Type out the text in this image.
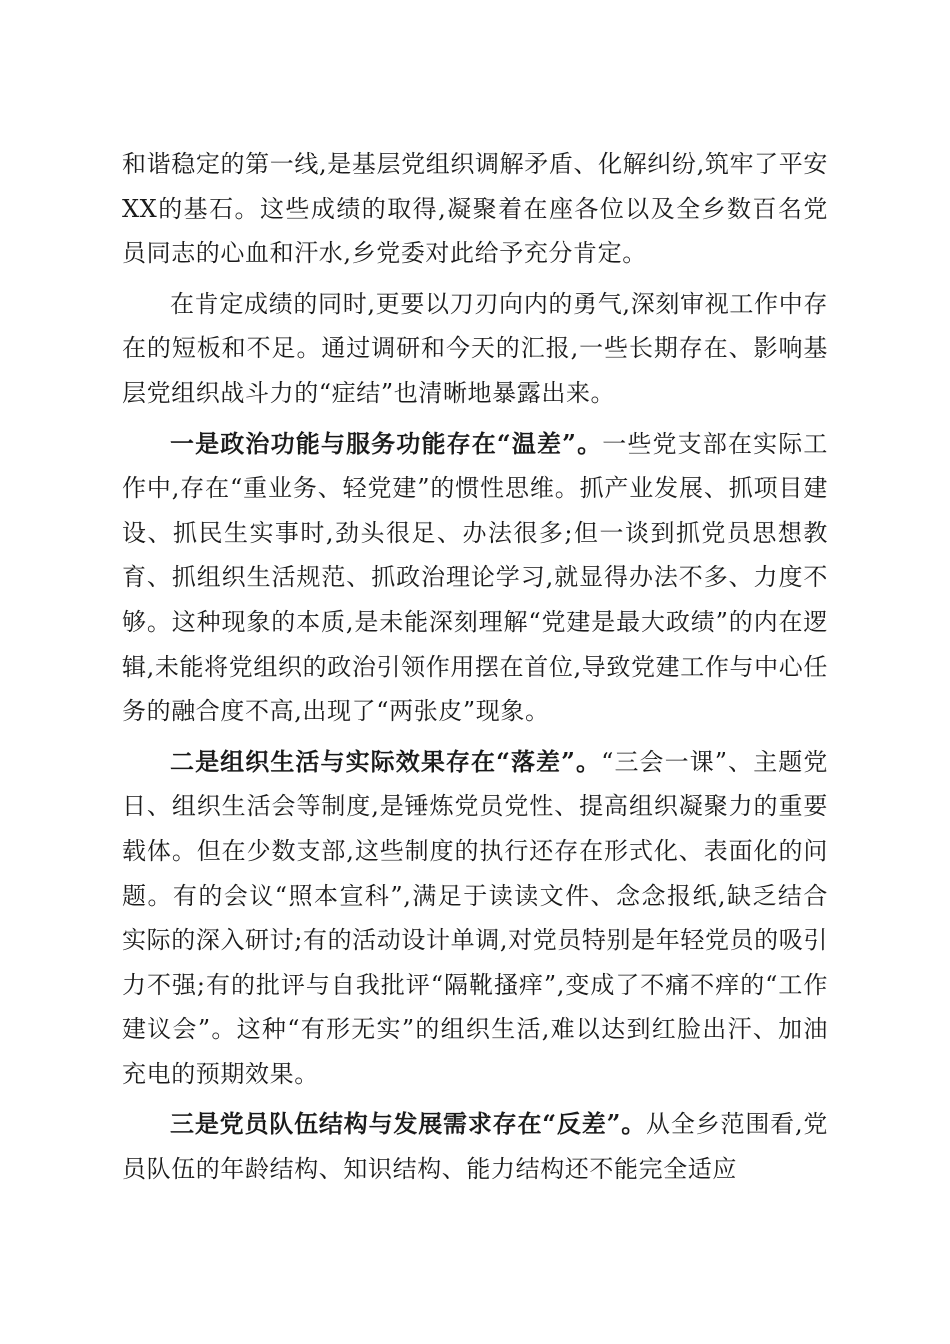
和谐稳定的第一线,是基层党组织调解矛盾、化解纠纷,筑牢了平安XX的基石。这些成绩的取得,凝聚着在座各位以及全乡数百名党员同志的心血和汗水,乡党委对此给予充分肯定。

在肯定成绩的同时,更要以刀刃向内的勇气,深刻审视工作中存在的短板和不足。通过调研和今天的汇报,一些长期存在、影响基层党组织战斗力的“症结”也清晰地暴露出来。

一是政治功能与服务功能存在“温差”。一些党支部在实际工作中,存在“重业务、轻党建”的惯性思维。抓产业发展、抓项目建设、抓民生实事时,劲头很足、办法很多;但一谈到抓党员思想教育、抓组织生活规范、抓政治理论学习,就显得办法不多、力度不够。这种现象的本质,是未能深刻理解“党建是最大政绩”的内在逻辑,未能将党组织的政治引领作用摆在首位,导致党建工作与中心任务的融合度不高,出现了“两张皮”现象。

二是组织生活与实际效果存在“落差”。“三会一课”、主题党日、组织生活会等制度,是锤炼党员党性、提高组织凝聚力的重要载体。但在少数支部,这些制度的执行还存在形式化、表面化的问题。有的会议“照本宣科”,满足于读读文件、念念报纸,缺乏结合实际的深入研讨;有的活动设计单调,对党员特别是年轻党员的吸引力不强;有的批评与自我批评“隔靴搔痒”,变成了不痛不痒的“工作建议会”。这种“有形无实”的组织生活,难以达到红脸出汗、加油充电的预期效果。

三是党员队伍结构与发展需求存在“反差”。从全乡范围看,党员队伍的年龄结构、知识结构、能力结构还不能完全适应
